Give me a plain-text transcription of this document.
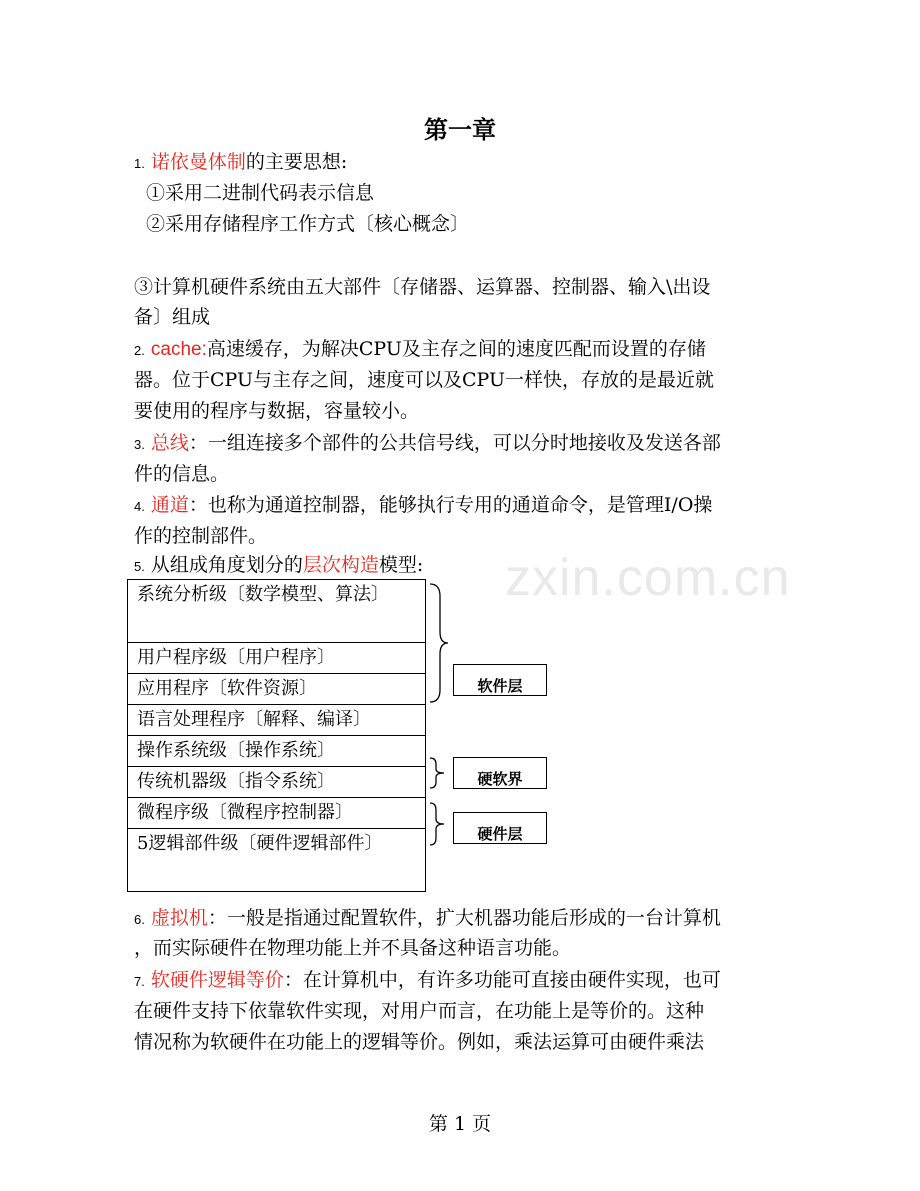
zxin.com.cn
第一章
1. 诺依曼体制的主要思想:
①采用二进制代码表示信息
②采用存储程序工作方式〔核心概念〕
③计算机硬件系统由五大部件〔存储器、运算器、控制器、输入\出设
备〕组成
2. cache:高速缓存，为解决CPU及主存之间的速度匹配而设置的存储
器。位于CPU与主存之间，速度可以及CPU一样快，存放的是最近就
要使用的程序与数据，容量较小。
3. 总线：一组连接多个部件的公共信号线，可以分时地接收及发送各部
件的信息。
4. 通道：也称为通道控制器，能够执行专用的通道命令，是管理I/O操
作的控制部件。
5. 从组成角度划分的层次构造模型:
系统分析级〔数学模型、算法〕
用户程序级〔用户程序〕
应用程序〔软件资源〕
语言处理程序〔解释、编译〕
操作系统级〔操作系统〕
传统机器级〔指令系统〕
微程序级〔微程序控制器〕
5逻辑部件级〔硬件逻辑部件〕
软件层
硬软界
硬件层
6. 虚拟机：一般是指通过配置软件，扩大机器功能后形成的一台计算机
，而实际硬件在物理功能上并不具备这种语言功能。
7. 软硬件逻辑等价：在计算机中，有许多功能可直接由硬件实现，也可
在硬件支持下依靠软件实现，对用户而言，在功能上是等价的。这种
情况称为软硬件在功能上的逻辑等价。例如，乘法运算可由硬件乘法
第 1 页
